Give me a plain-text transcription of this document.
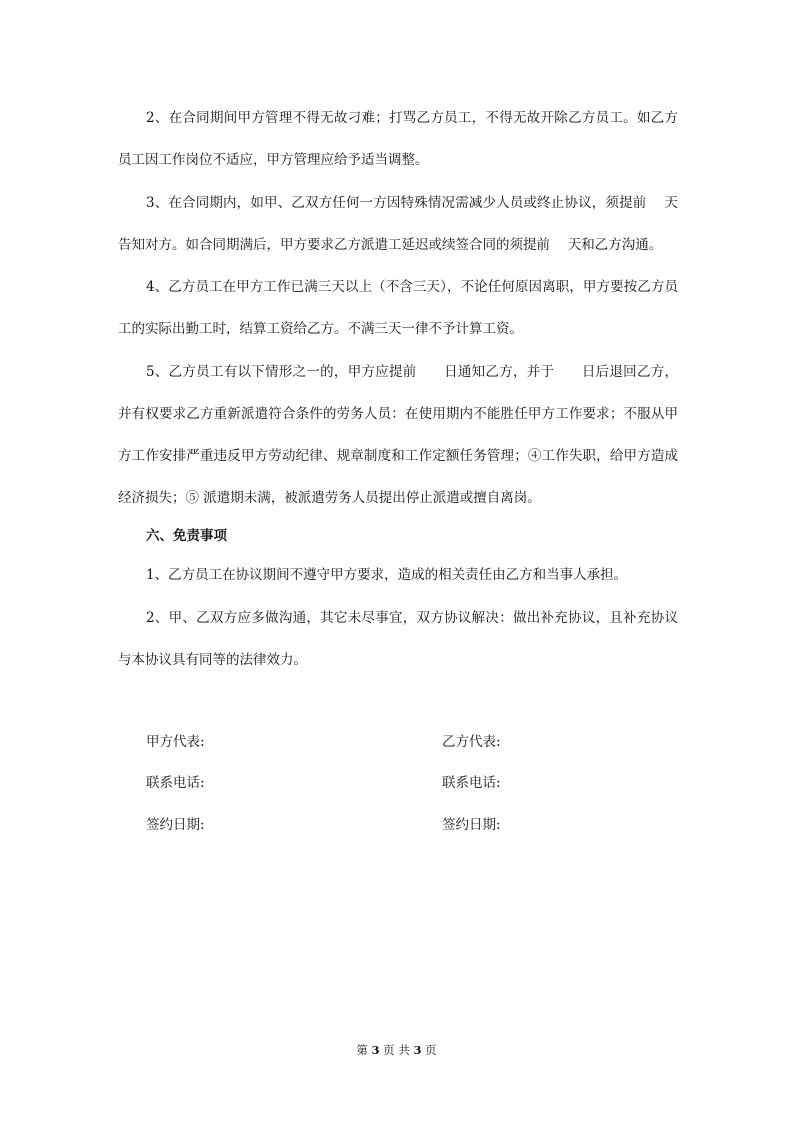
2、在合同期间甲方管理不得无故刁难；打骂乙方员工，不得无故开除乙方员工。如乙方员工因工作岗位不适应，甲方管理应给予适当调整。

3、在合同期内，如甲、乙双方任何一方因特殊情况需减少人员或终止协议，须提前　 天告知对方。如合同期满后，甲方要求乙方派遣工延迟或续签合同的须提前　 天和乙方沟通。

4、乙方员工在甲方工作已满三天以上（不含三天），不论任何原因离职，甲方要按乙方员工的实际出勤工时，结算工资给乙方。不满三天一律不予计算工资。

5、乙方员工有以下情形之一的，甲方应提前　　日通知乙方，并于　　日后退回乙方，并有权要求乙方重新派遣符合条件的劳务人员：在使用期内不能胜任甲方工作要求；不服从甲方工作安排严重违反甲方劳动纪律、规章制度和工作定额任务管理；④工作失职，给甲方造成经济损失；⑤ 派遣期未满，被派遣劳务人员提出停止派遣或擅自离岗。

六、免责事项

1、乙方员工在协议期间不遵守甲方要求，造成的相关责任由乙方和当事人承担。

2、甲、乙双方应多做沟通，其它未尽事宜，双方协议解决：做出补充协议，且补充协议与本协议具有同等的法律效力。

甲方代表:	乙方代表:

联系电话:	联系电话:

签约日期:	签约日期:

第 3 页 共 3 页
